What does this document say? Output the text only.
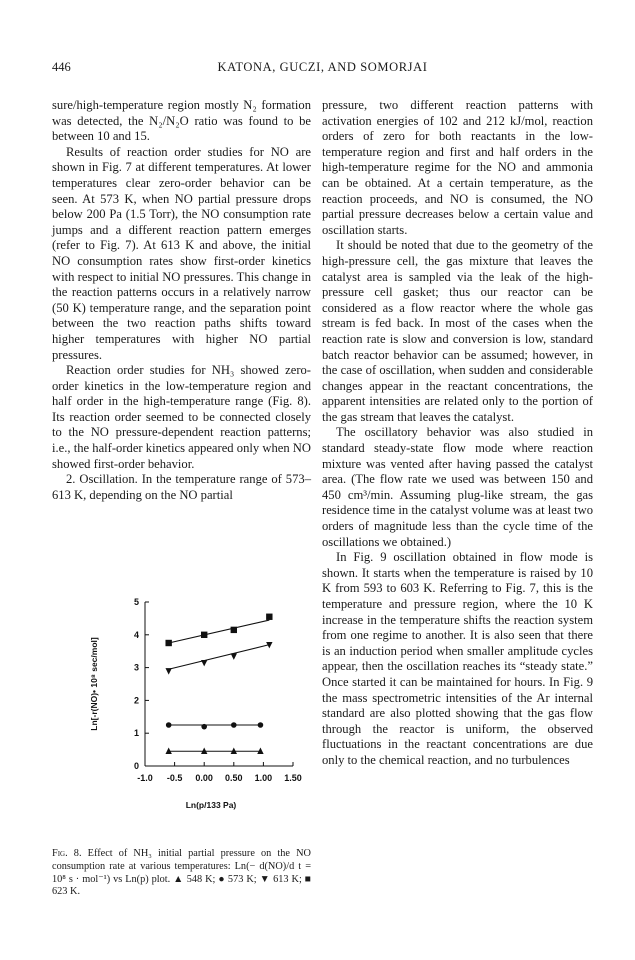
446	KATONA, GUCZI, AND SOMORJAI

sure/high-temperature region mostly N₂ formation was detected, the N₂/N₂O ratio was found to be between 10 and 15.

Results of reaction order studies for NO are shown in Fig. 7 at different temperatures. At lower temperatures clear zero-order behavior can be seen. At 573 K, when NO partial pressure drops below 200 Pa (1.5 Torr), the NO consumption rate jumps and a different reaction pattern emerges (refer to Fig. 7). At 613 K and above, the initial NO consumption rates show first-order kinetics with respect to initial NO pressures. This change in the reaction patterns occurs in a relatively narrow (50 K) temperature range, and the separation point between the two reaction paths shifts toward higher temperatures with higher NO partial pressures.

Reaction order studies for NH₃ showed zero-order kinetics in the low-temperature region and half order in the high-temperature range (Fig. 8). Its reaction order seemed to be connected closely to the NO pressure-dependent reaction patterns; i.e., the half-order kinetics appeared only when NO showed first-order behavior.

2. Oscillation. In the temperature range of 573–613 K, depending on the NO partial

pressure, two different reaction patterns with activation energies of 102 and 212 kJ/mol, reaction orders of zero for both reactants in the low-temperature region and first and half orders in the high-temperature regime for the NO and ammonia can be obtained. At a certain temperature, as the reaction proceeds, and NO is consumed, the NO partial pressure decreases below a certain value and oscillation starts.

It should be noted that due to the geometry of the high-pressure cell, the gas mixture that leaves the catalyst area is sampled via the leak of the high-pressure cell gasket; thus our reactor can be considered as a flow reactor where the whole gas stream is fed back. In most of the cases when the reaction rate is slow and conversion is low, standard batch reactor behavior can be assumed; however, in the case of oscillation, when sudden and considerable changes appear in the reactant concentrations, the apparent intensities are related only to the portion of the gas stream that leaves the catalyst.

The oscillatory behavior was also studied in standard steady-state flow mode where reaction mixture was vented after having passed the catalyst area. (The flow rate we used was between 150 and 450 cm³/min. Assuming plug-like stream, the gas residence time in the catalyst volume was at least two orders of magnitude less than the cycle time of the oscillations we obtained.)

In Fig. 9 oscillation obtained in flow mode is shown. It starts when the temperature is raised by 10 K from 593 to 603 K. Referring to Fig. 7, this is the temperature and pressure region, where the 10 K increase in the temperature shifts the reaction system from one regime to another. It is also seen that there is an induction period when smaller amplitude cycles appear, then the oscillation reaches its “steady state.” Once started it can be maintained for hours. In Fig. 9 the mass spectrometric intensities of the Ar internal standard are also plotted showing that the gas flow through the reactor is uniform, the observed fluctuations in the reactant concentrations are due only to the chemical reaction, and no turbulences

-1.0 -0.5 0.00 0.50 1.00 1.50
0
1
2
3
4
5
Ln(p/133 Pa)
Ln[-r(NO)• 10⁸ sec/mol]
Fig. 8. Effect of NH₃ initial partial pressure on the NO consumption rate at various temperatures: Ln(− d(NO)/d t = 10⁸ s · mol⁻¹) vs Ln(p) plot. ▲ 548 K; ● 573 K; ▼ 613 K; ■ 623 K.
